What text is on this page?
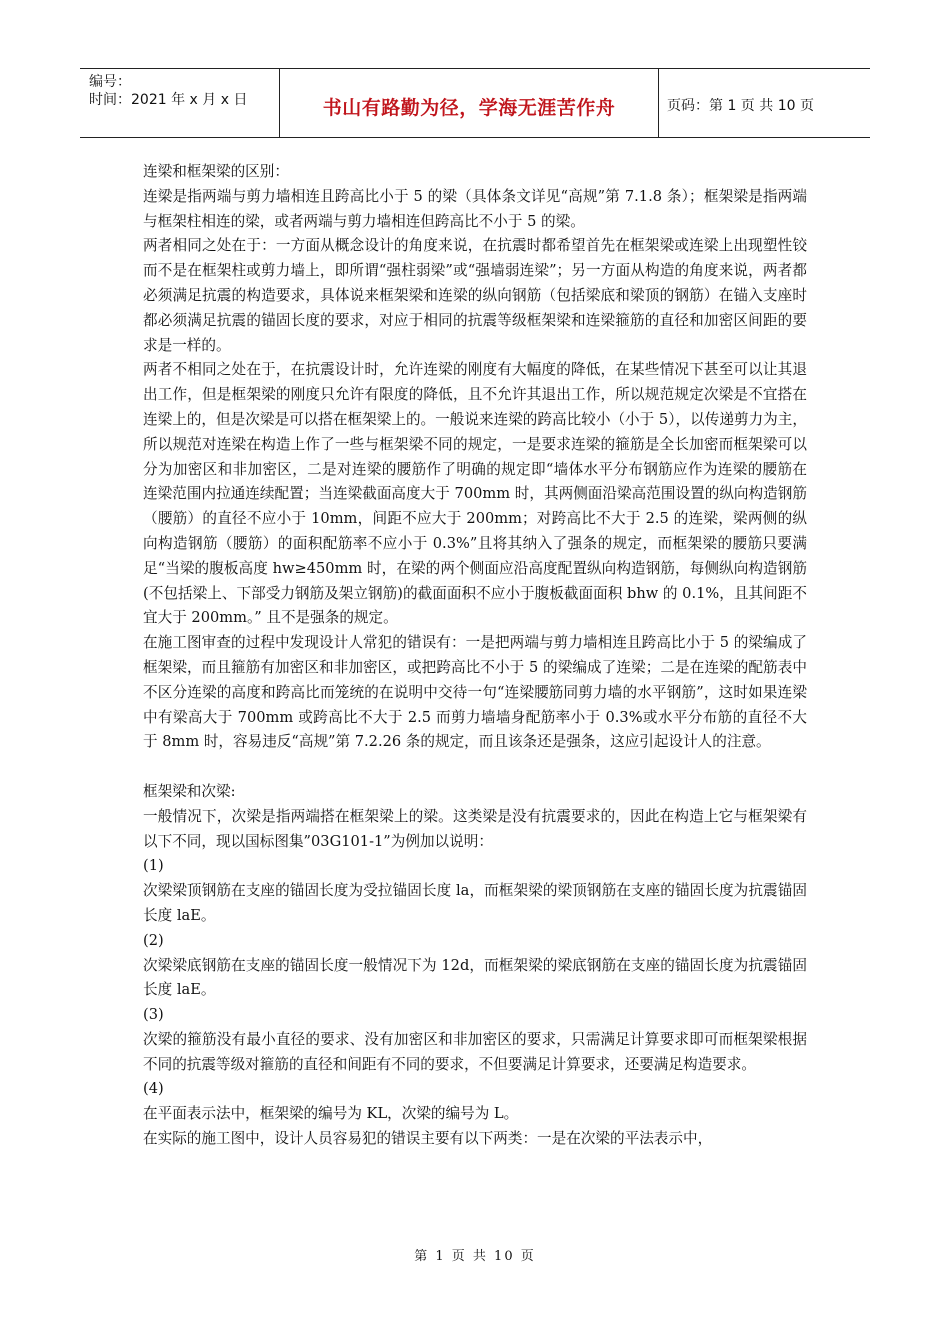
编号：
时间：2021 年 x 月 x 日	书山有路勤为径，学海无涯苦作舟	页码：第 1 页 共 10 页

连梁和框架梁的区别：

连梁是指两端与剪力墙相连且跨高比小于 5 的梁（具体条文详见“高规”第 7.1.8 条）；框架梁是指两端与框架柱相连的梁，或者两端与剪力墙相连但跨高比不小于 5 的梁。

两者相同之处在于：一方面从概念设计的角度来说，在抗震时都希望首先在框架梁或连梁上出现塑性铰而不是在框架柱或剪力墙上，即所谓“强柱弱梁”或“强墙弱连梁”；另一方面从构造的角度来说，两者都必须满足抗震的构造要求，具体说来框架梁和连梁的纵向钢筋（包括梁底和梁顶的钢筋）在锚入支座时都必须满足抗震的锚固长度的要求，对应于相同的抗震等级框架梁和连梁箍筋的直径和加密区间距的要求是一样的。

两者不相同之处在于，在抗震设计时，允许连梁的刚度有大幅度的降低，在某些情况下甚至可以让其退出工作，但是框架梁的刚度只允许有限度的降低，且不允许其退出工作，所以规范规定次梁是不宜搭在连梁上的，但是次梁是可以搭在框架梁上的。一般说来连梁的跨高比较小（小于 5），以传递剪力为主，所以规范对连梁在构造上作了一些与框架梁不同的规定，一是要求连梁的箍筋是全长加密而框架梁可以分为加密区和非加密区，二是对连梁的腰筋作了明确的规定即“墙体水平分布钢筋应作为连梁的腰筋在连梁范围内拉通连续配置；当连梁截面高度大于 700mm 时，其两侧面沿梁高范围设置的纵向构造钢筋（腰筋）的直径不应小于 10mm，间距不应大于 200mm；对跨高比不大于 2.5 的连梁，梁两侧的纵向构造钢筋（腰筋）的面积配筋率不应小于 0.3%”且将其纳入了强条的规定，而框架梁的腰筋只要满足“当梁的腹板高度 hw≥450mm 时，在梁的两个侧面应沿高度配置纵向构造钢筋，每侧纵向构造钢筋(不包括梁上、下部受力钢筋及架立钢筋)的截面面积不应小于腹板截面面积 bhw 的 0.1%，且其间距不宜大于 200mm。” 且不是强条的规定。

在施工图审查的过程中发现设计人常犯的错误有：一是把两端与剪力墙相连且跨高比小于 5 的梁编成了框架梁，而且箍筋有加密区和非加密区，或把跨高比不小于 5 的梁编成了连梁；二是在连梁的配筋表中不区分连梁的高度和跨高比而笼统的在说明中交待一句“连梁腰筋同剪力墙的水平钢筋”，这时如果连梁中有梁高大于 700mm 或跨高比不大于 2.5 而剪力墙墙身配筋率小于 0.3%或水平分布筋的直径不大于 8mm 时，容易违反“高规”第 7.2.26 条的规定，而且该条还是强条，这应引起设计人的注意。

框架梁和次梁:

一般情况下，次梁是指两端搭在框架梁上的梁。这类梁是没有抗震要求的，因此在构造上它与框架梁有以下不同，现以国标图集”03G101-1”为例加以说明：

(1)

次梁梁顶钢筋在支座的锚固长度为受拉锚固长度 la，而框架梁的梁顶钢筋在支座的锚固长度为抗震锚固长度 laE。

(2)

次梁梁底钢筋在支座的锚固长度一般情况下为 12d，而框架梁的梁底钢筋在支座的锚固长度为抗震锚固长度 laE。

(3)

次梁的箍筋没有最小直径的要求、没有加密区和非加密区的要求，只需满足计算要求即可而框架梁根据不同的抗震等级对箍筋的直径和间距有不同的要求，不但要满足计算要求，还要满足构造要求。

(4)

在平面表示法中，框架梁的编号为 KL，次梁的编号为 L。

在实际的施工图中，设计人员容易犯的错误主要有以下两类：一是在次梁的平法表示中，

第 1 页 共 10 页
